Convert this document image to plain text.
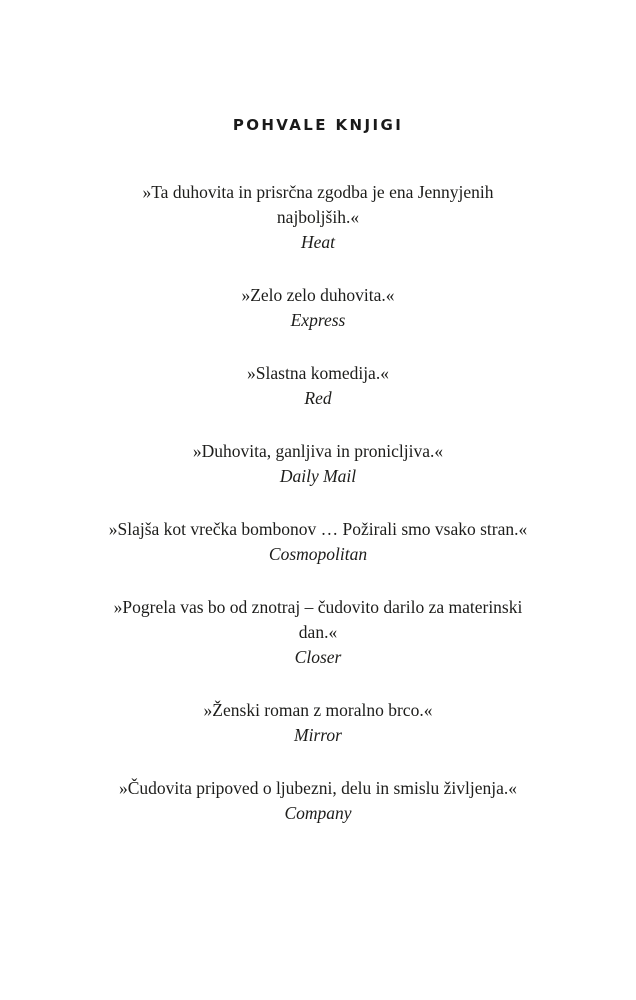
POHVALE KNJIGI
»Ta duhovita in prisrčna zgodba je ena Jennyjenih najboljših.«
Heat
»Zelo zelo duhovita.«
Express
»Slastna komedija.«
Red
»Duhovita, ganljiva in pronicljiva.«
Daily Mail
»Slajša kot vrečka bombonov … Požirali smo vsako stran.«
Cosmopolitan
»Pogrela vas bo od znotraj – čudovito darilo za materinski dan.«
Closer
»Ženski roman z moralno brco.«
Mirror
»Čudovita pripoved o ljubezni, delu in smislu življenja.«
Company
